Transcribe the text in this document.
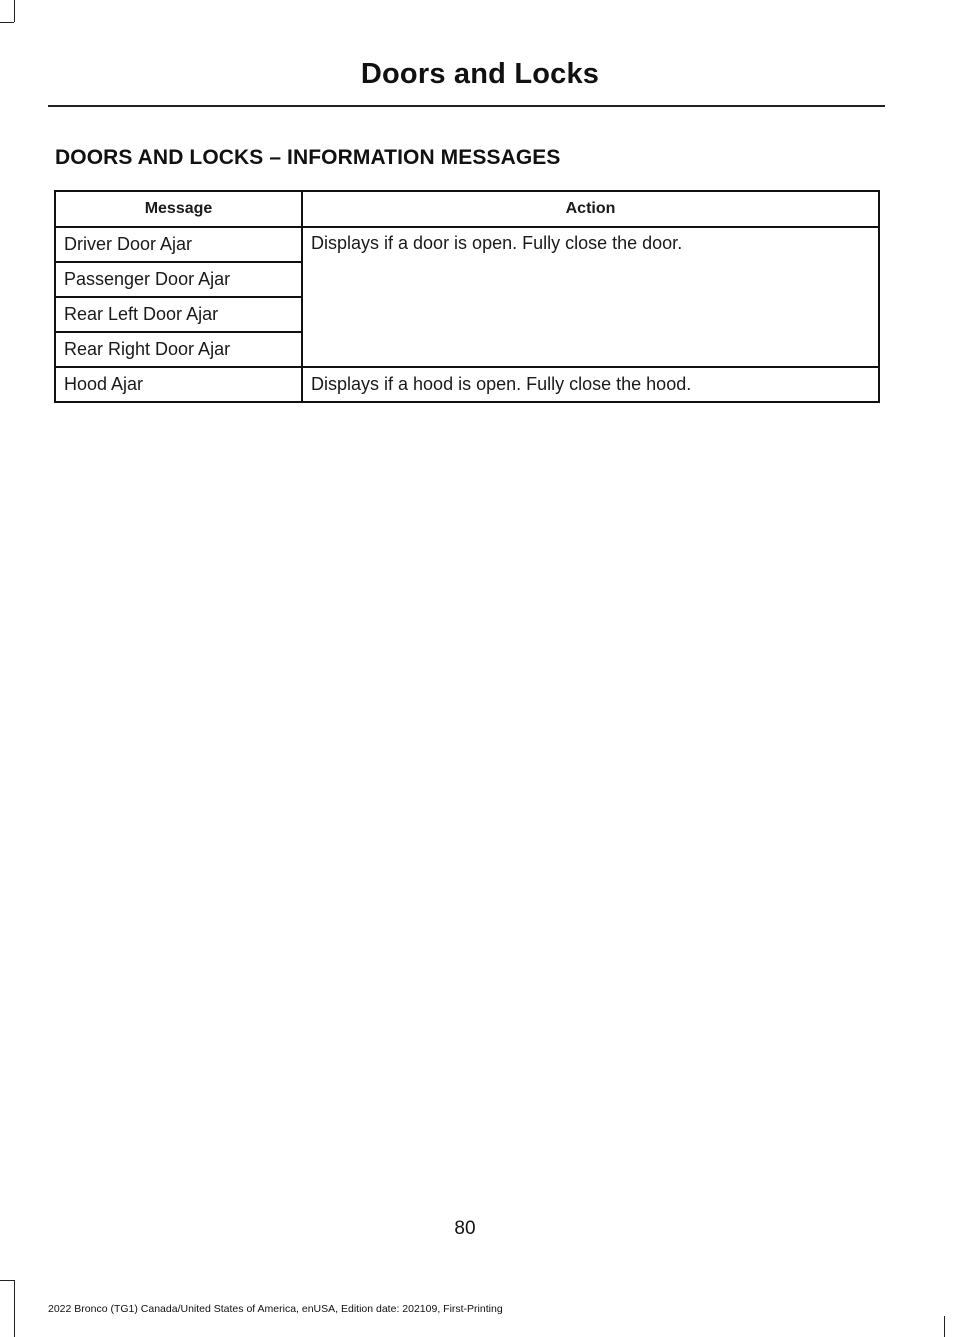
Doors and Locks
DOORS AND LOCKS – INFORMATION MESSAGES
Message	Action
Driver Door Ajar	Displays if a door is open. Fully close the door.
Passenger Door Ajar	
Rear Left Door Ajar	
Rear Right Door Ajar	
Hood Ajar	Displays if a hood is open. Fully close the hood.
80
2022 Bronco (TG1) Canada/United States of America, enUSA, Edition date: 202109, First-Printing
